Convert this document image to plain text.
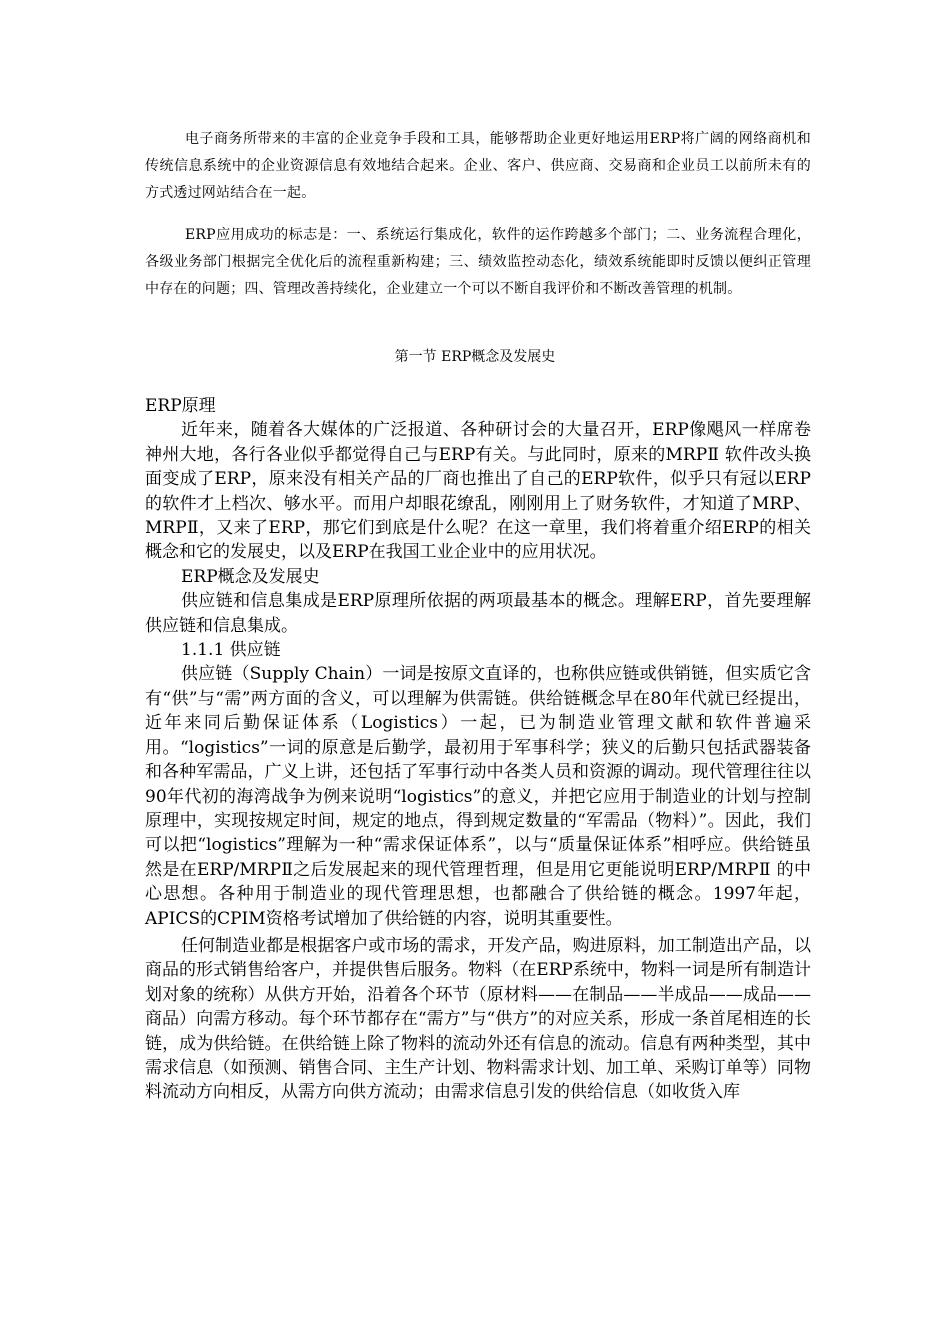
电子商务所带来的丰富的企业竞争手段和工具，能够帮助企业更好地运用ERP将广阔的网络商机和传统信息系统中的企业资源信息有效地结合起来。企业、客户、供应商、交易商和企业员工以前所未有的方式透过网站结合在一起。

ERP应用成功的标志是：一、系统运行集成化，软件的运作跨越多个部门；二、业务流程合理化，各级业务部门根据完全优化后的流程重新构建；三、绩效监控动态化，绩效系统能即时反馈以便纠正管理中存在的问题；四、管理改善持续化，企业建立一个可以不断自我评价和不断改善管理的机制。

第一节 ERP概念及发展史

ERP原理

近年来，随着各大媒体的广泛报道、各种研讨会的大量召开，ERP像飓风一样席卷神州大地，各行各业似乎都觉得自己与ERP有关。与此同时，原来的MRPⅡ 软件改头换面变成了ERP，原来没有相关产品的厂商也推出了自己的ERP软件，似乎只有冠以ERP的软件才上档次、够水平。而用户却眼花缭乱，刚刚用上了财务软件，才知道了MRP、MRPⅡ，又来了ERP，那它们到底是什么呢？在这一章里，我们将着重介绍ERP的相关概念和它的发展史，以及ERP在我国工业企业中的应用状况。

ERP概念及发展史

供应链和信息集成是ERP原理所依据的两项最基本的概念。理解ERP，首先要理解供应链和信息集成。

1.1.1 供应链

供应链（Supply Chain）一词是按原文直译的，也称供应链或供销链，但实质它含有“供”与“需”两方面的含义，可以理解为供需链。供给链概念早在80年代就已经提出，近年来同后勤保证体系（Logistics）一起，已为制造业管理文献和软件普遍采用。“logistics”一词的原意是后勤学，最初用于军事科学；狭义的后勤只包括武器装备和各种军需品，广义上讲，还包括了军事行动中各类人员和资源的调动。现代管理往往以90年代初的海湾战争为例来说明“logistics”的意义，并把它应用于制造业的计划与控制原理中，实现按规定时间，规定的地点，得到规定数量的“军需品（物料）”。因此，我们可以把“logistics”理解为一种“需求保证体系”，以与“质量保证体系”相呼应。供给链虽然是在ERP/MRPⅡ之后发展起来的现代管理哲理，但是用它更能说明ERP/MRPⅡ 的中心思想。各种用于制造业的现代管理思想，也都融合了供给链的概念。1997年起，APICS的CPIM资格考试增加了供给链的内容，说明其重要性。

任何制造业都是根据客户或市场的需求，开发产品，购进原料，加工制造出产品，以商品的形式销售给客户，并提供售后服务。物料（在ERP系统中，物料一词是所有制造计划对象的统称）从供方开始，沿着各个环节（原材料——在制品——半成品——成品——商品）向需方移动。每个环节都存在“需方”与“供方”的对应关系，形成一条首尾相连的长链，成为供给链。在供给链上除了物料的流动外还有信息的流动。信息有两种类型，其中需求信息（如预测、销售合同、主生产计划、物料需求计划、加工单、采购订单等）同物料流动方向相反，从需方向供方流动；由需求信息引发的供给信息（如收货入库
